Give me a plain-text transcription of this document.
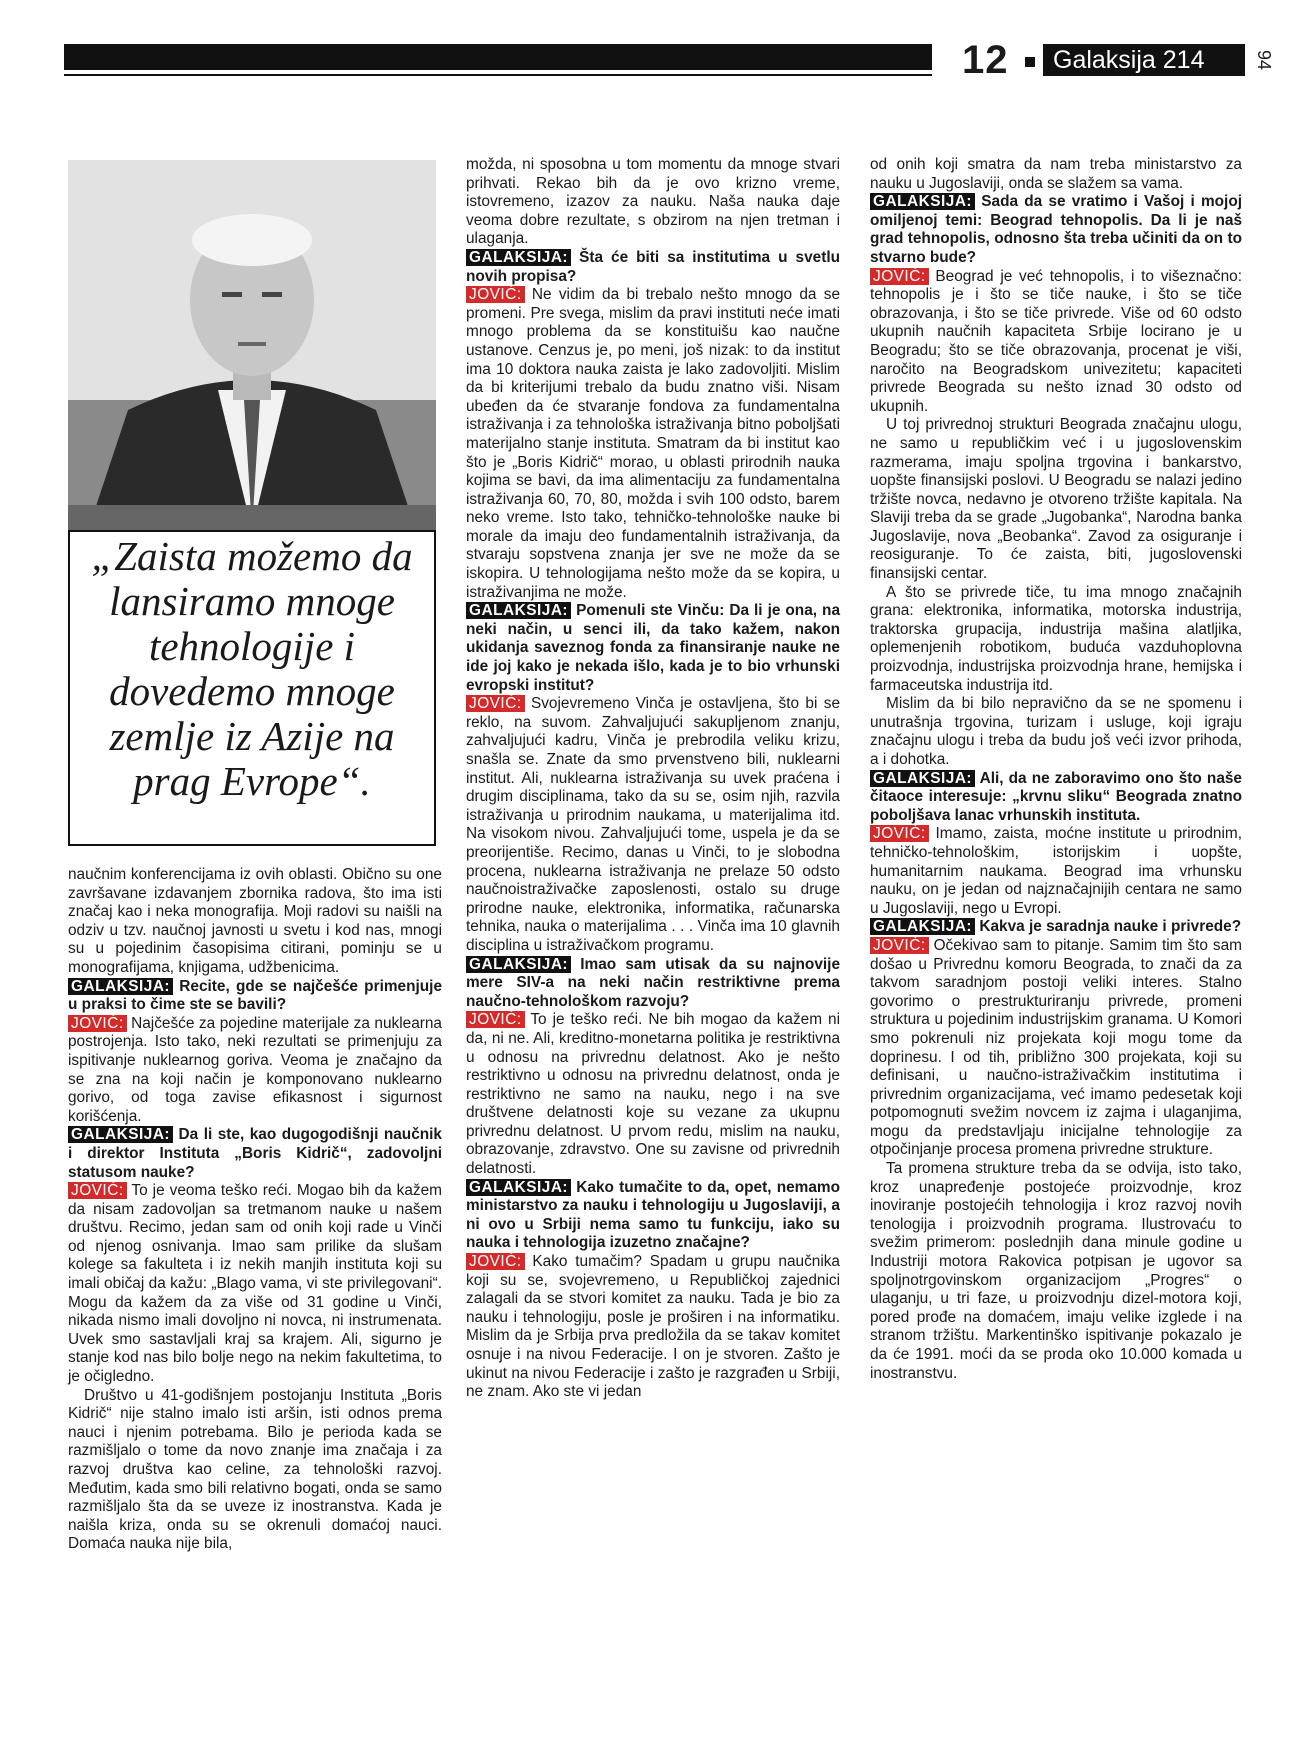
12	Galaksija 214	94
„Zaista možemo da lansiramo mnoge tehnologije i dovedemo mnoge zemlje iz Azije na prag Evrope“.

naučnim konferencijama iz ovih oblasti. Obično su one završavane izdavanjem zbornika radova, što ima isti značaj kao i neka monografija. Moji radovi su naišli na odziv u tzv. naučnoj javnosti u svetu i kod nas, mnogi su u pojedinim časopisima citirani, pominju se u monografijama, knjigama, udžbenicima.

GALAKSIJA: Recite, gde se najčešće primenjuje u praksi to čime ste se bavili?

JOVIĆ: Najčešće za pojedine materijale za nuklearna postrojenja. Isto tako, neki rezultati se primenjuju za ispitivanje nuklearnog goriva. Veoma je značajno da se zna na koji način je komponovano nuklearno gorivo, od toga zavise efikasnost i sigurnost korišćenja.

GALAKSIJA: Da li ste, kao dugogodišnji naučnik i direktor Instituta „Boris Kidrič“, zadovoljni statusom nauke?

JOVIĆ: To je veoma teško reći. Mogao bih da kažem da nisam zadovoljan sa tretmanom nauke u našem društvu. Recimo, jedan sam od onih koji rade u Vinči od njenog osnivanja. Imao sam prilike da slušam kolege sa fakulteta i iz nekih manjih instituta koji su imali običaj da kažu: „Blago vama, vi ste privilegovani“. Mogu da kažem da za više od 31 godine u Vinči, nikada nismo imali dovoljno ni novca, ni instrumenata. Uvek smo sastavljali kraj sa krajem. Ali, sigurno je stanje kod nas bilo bolje nego na nekim fakultetima, to je očigledno.

Društvo u 41-godišnjem postojanju Instituta „Boris Kidrič“ nije stalno imalo isti aršin, isti odnos prema nauci i njenim potrebama. Bilo je perioda kada se razmišljalo o tome da novo znanje ima značaja i za razvoj društva kao celine, za tehnološki razvoj. Međutim, kada smo bili relativno bogati, onda se samo razmišljalo šta da se uveze iz inostranstva. Kada je naišla kriza, onda su se okrenuli domaćoj nauci. Domaća nauka nije bila,

možda, ni sposobna u tom momentu da mnoge stvari prihvati. Rekao bih da je ovo krizno vreme, istovremeno, izazov za nauku. Naša nauka daje veoma dobre rezultate, s obzirom na njen tretman i ulaganja.

GALAKSIJA: Šta će biti sa institutima u svetlu novih propisa?

JOVIĆ: Ne vidim da bi trebalo nešto mnogo da se promeni. Pre svega, mislim da pravi instituti neće imati mnogo problema da se konstituišu kao naučne ustanove. Cenzus je, po meni, još nizak: to da institut ima 10 doktora nauka zaista je lako zadovoljiti. Mislim da bi kriterijumi trebalo da budu znatno viši. Nisam ubeđen da će stvaranje fondova za fundamentalna istraživanja i za tehnološka istraživanja bitno poboljšati materijalno stanje instituta. Smatram da bi institut kao što je „Boris Kidrič“ morao, u oblasti prirodnih nauka kojima se bavi, da ima alimentaciju za fundamentalna istraživanja 60, 70, 80, možda i svih 100 odsto, barem neko vreme. Isto tako, tehničko-tehnološke nauke bi morale da imaju deo fundamentalnih istraživanja, da stvaraju sopstvena znanja jer sve ne može da se iskopira. U tehnologijama nešto može da se kopira, u istraživanjima ne može.

GALAKSIJA: Pomenuli ste Vinču: Da li je ona, na neki način, u senci ili, da tako kažem, nakon ukidanja saveznog fonda za finansiranje nauke ne ide joj kako je nekada išlo, kada je to bio vrhunski evropski institut?

JOVIĆ: Svojevremeno Vinča je ostavljena, što bi se reklo, na suvom. Zahvaljujući sakupljenom znanju, zahvaljujući kadru, Vinča je prebrodila veliku krizu, snašla se. Znate da smo prvenstveno bili, nuklearni institut. Ali, nuklearna istraživanja su uvek praćena i drugim disciplinama, tako da su se, osim njih, razvila istraživanja u prirodnim naukama, u materijalima itd. Na visokom nivou. Zahvaljujući tome, uspela je da se preorijentiše. Recimo, danas u Vinči, to je slobodna procena, nuklearna istraživanja ne prelaze 50 odsto naučnoistraživačke zaposlenosti, ostalo su druge prirodne nauke, elektronika, informatika, računarska tehnika, nauka o materijalima . . . Vinča ima 10 glavnih disciplina u istraživačkom programu.

GALAKSIJA: Imao sam utisak da su najnovije mere SIV-a na neki način restriktivne prema naučno-tehnološkom razvoju?

JOVIĆ: To je teško reći. Ne bih mogao da kažem ni da, ni ne. Ali, kreditno-monetarna politika je restriktivna u odnosu na privrednu delatnost. Ako je nešto restriktivno u odnosu na privrednu delatnost, onda je restriktivno ne samo na nauku, nego i na sve društvene delatnosti koje su vezane za ukupnu privrednu delatnost. U prvom redu, mislim na nauku, obrazovanje, zdravstvo. One su zavisne od privrednih delatnosti.

GALAKSIJA: Kako tumačite to da, opet, nemamo ministarstvo za nauku i tehnologiju u Jugoslaviji, a ni ovo u Srbiji nema samo tu funkciju, iako su nauka i tehnologija izuzetno značajne?

JOVIĆ: Kako tumačim? Spadam u grupu naučnika koji su se, svojevremeno, u Republičkoj zajednici zalagali da se stvori komitet za nauku. Tada je bio za nauku i tehnologiju, posle je proširen i na informatiku. Mislim da je Srbija prva predložila da se takav komitet osnuje i na nivou Federacije. I on je stvoren. Zašto je ukinut na nivou Federacije i zašto je razgrađen u Srbiji, ne znam. Ako ste vi jedan

od onih koji smatra da nam treba ministarstvo za nauku u Jugoslaviji, onda se slažem sa vama.

GALAKSIJA: Sada da se vratimo i Vašoj i mojoj omiljenoj temi: Beograd tehnopolis. Da li je naš grad tehnopolis, odnosno šta treba učiniti da on to stvarno bude?

JOVIĆ: Beograd je već tehnopolis, i to višeznačno: tehnopolis je i što se tiče nauke, i što se tiče obrazovanja, i što se tiče privrede. Više od 60 odsto ukupnih naučnih kapaciteta Srbije locirano je u Beogradu; što se tiče obrazovanja, procenat je viši, naročito na Beogradskom univezitetu; kapaciteti privrede Beograda su nešto iznad 30 odsto od ukupnih.

U toj privrednoj strukturi Beograda značajnu ulogu, ne samo u republičkim već i u jugoslovenskim razmerama, imaju spoljna trgovina i bankarstvo, uopšte finansijski poslovi. U Beogradu se nalazi jedino tržište novca, nedavno je otvoreno tržište kapitala. Na Slaviji treba da se grade „Jugobanka“, Narodna banka Jugoslavije, nova „Beobanka“. Zavod za osiguranje i reosiguranje. To će zaista, biti, jugoslovenski finansijski centar.

A što se privrede tiče, tu ima mnogo značajnih grana: elektronika, informatika, motorska industrija, traktorska grupacija, industrija mašina alatljika, oplemenjenih robotikom, buduća vazduhoplovna proizvodnja, industrijska proizvodnja hrane, hemijska i farmaceutska industrija itd.

Mislim da bi bilo nepravično da se ne spomenu i unutrašnja trgovina, turizam i usluge, koji igraju značajnu ulogu i treba da budu još veći izvor prihoda, a i dohotka.

GALAKSIJA: Ali, da ne zaboravimo ono što naše čitaoce interesuje: „krvnu sliku“ Beograda znatno poboljšava lanac vrhunskih instituta.

JOVIĆ: Imamo, zaista, moćne institute u prirodnim, tehničko-tehnološkim, istorijskim i uopšte, humanitarnim naukama. Beograd ima vrhunsku nauku, on je jedan od najznačajnijih centara ne samo u Jugoslaviji, nego u Evropi.

GALAKSIJA: Kakva je saradnja nauke i privrede?

JOVIĆ: Očekivao sam to pitanje. Samim tim što sam došao u Privrednu komoru Beograda, to znači da za takvom saradnjom postoji veliki interes. Stalno govorimo o prestrukturiranju privrede, promeni struktura u pojedinim industrijskim granama. U Komori smo pokrenuli niz projekata koji mogu tome da doprinesu. I od tih, približno 300 projekata, koji su definisani, u naučno-istraživačkim institutima i privrednim organizacijama, već imamo pedesetak koji potpomognuti svežim novcem iz zajma i ulaganjima, mogu da predstavljaju inicijalne tehnologije za otpočinjanje procesa promena privredne strukture.

Ta promena strukture treba da se odvija, isto tako, kroz unapređenje postojeće proizvodnje, kroz inoviranje postojećih tehnologija i kroz razvoj novih tenologija i proizvodnih programa. Ilustrovaću to svežim primerom: poslednjih dana minule godine u Industriji motora Rakovica potpisan je ugovor sa spoljnotrgovinskom organizacijom „Progres“ o ulaganju, u tri faze, u proizvodnju dizel-motora koji, pored prođe na domaćem, imaju velike izglede i na stranom tržištu. Markentinško ispitivanje pokazalo je da će 1991. moći da se proda oko 10.000 komada u inostranstvu.
